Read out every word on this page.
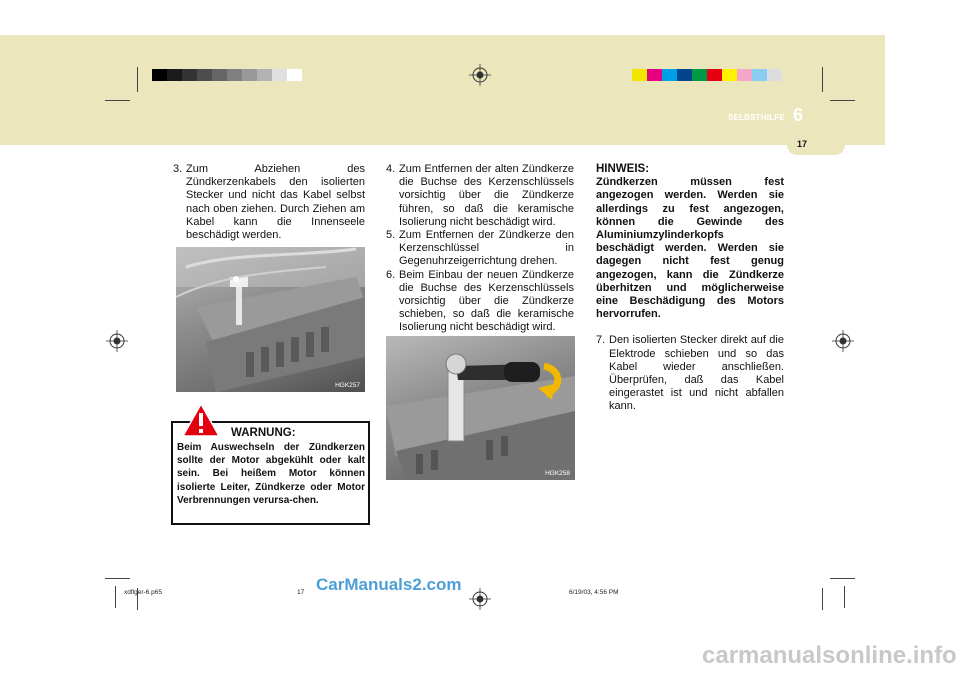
SELBSTHILFE 6
17
3. Zum Abziehen des Zündkerzenkabels den isolierten Stecker und nicht das Kabel selbst nach oben ziehen. Durch Ziehen am Kabel kann die Innenseele beschädigt werden.
HGK257
WARNUNG:
Beim Auswechseln der Zündkerzen sollte der Motor abgekühlt oder kalt sein. Bei heißem Motor können isolierte Leiter, Zündkerze oder Motor Verbrennungen verursa-chen.
4. Zum Entfernen der alten Zündkerze die Buchse des Kerzenschlüssels vorsichtig über die Zündkerze führen, so daß die keramische Isolierung nicht beschädigt wird.
5. Zum Entfernen der Zündkerze den Kerzenschlüssel in Gegenuhrzeigerrichtung drehen.
6. Beim Einbau der neuen Zündkerze die Buchse des Kerzenschlüssels vorsichtig über die Zündkerze schieben, so daß die keramische Isolierung nicht beschädigt wird.
HGK258
HINWEIS:
Zündkerzen müssen fest angezogen werden. Werden sie allerdings zu fest angezogen, können die Gewinde des Aluminiumzylinderkopfs beschädigt werden. Werden sie dagegen nicht fest genug angezogen, kann die Zündkerze überhitzen und möglicherweise eine Beschädigung des Motors hervorrufen.
7. Den isolierten Stecker direkt auf die Elektrode schieben und so das Kabel wieder anschließen. Überprüfen, daß das Kabel eingerastet ist und nicht abfallen kann.
xdflger-6.p65	17	6/19/03, 4:56 PM
CarManuals2.com
carmanualsonline.info
